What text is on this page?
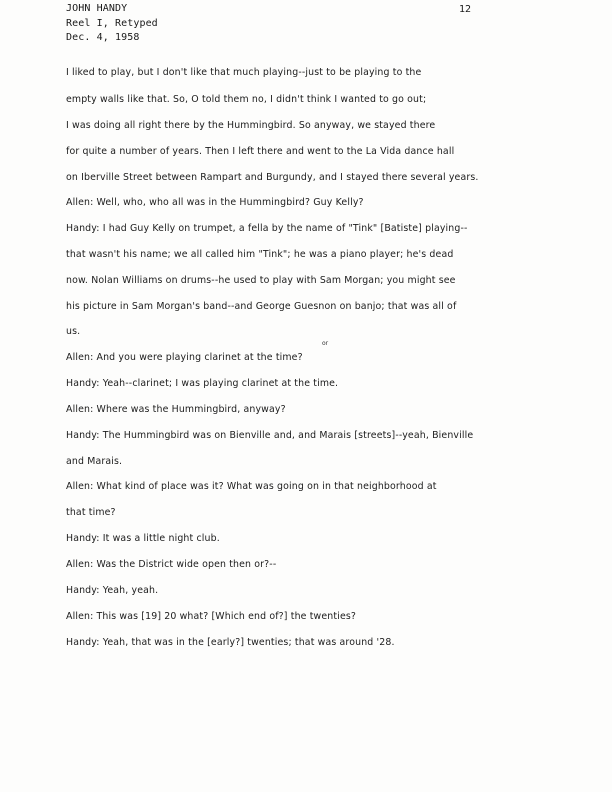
JOHN HANDY
Reel I, Retyped
Dec. 4, 1958
12
I liked to play, but I don't like that much playing--just to be playing to the
empty walls like that. So, O told them no, I didn't think I wanted to go out;
I was doing all right there by the Hummingbird. So anyway, we stayed there
for quite a number of years. Then I left there and went to the La Vida dance hall
on Iberville Street between Rampart and Burgundy, and I stayed there several years.
Allen: Well, who, who all was in the Hummingbird? Guy Kelly?
Handy: I had Guy Kelly on trumpet, a fella by the name of "Tink" [Batiste] playing--
that wasn't his name; we all called him "Tink"; he was a piano player; he's dead
now. Nolan Williams on drums--he used to play with Sam Morgan; you might see
his picture in Sam Morgan's band--and George Guesnon on banjo; that was all of
us.
Allen: And you were playing clarinet at the time?
Handy: Yeah--clarinet; I was playing clarinet at the time.
Allen: Where was the Hummingbird, anyway?
Handy: The Hummingbird was on Bienville and, and Marais [streets]--yeah, Bienville
and Marais.
Allen: What kind of place was it? What was going on in that neighborhood at
that time?
Handy: It was a little night club.
Allen: Was the District wide open then or?--
Handy: Yeah, yeah.
Allen: This was [19] 20 what? [Which end of?] the twenties?
Handy: Yeah, that was in the [early?] twenties; that was around '28.
or
